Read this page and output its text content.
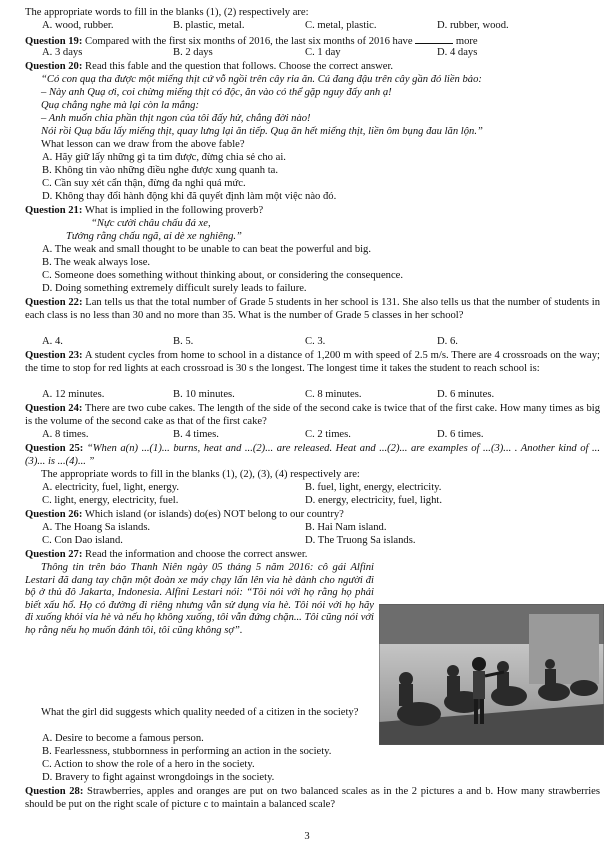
The appropriate words to fill in the blanks (1), (2) respectively are:
A. wood, rubber.	B. plastic, metal.	C. metal, plastic.	D. rubber, wood.
Question 19: Compared with the first six months of 2016, the last six months of 2016 have	more
A. 3 days	B. 2 days	C. 1 day	D. 4 days
Question 20: Read this fable and the question that follows. Choose the correct answer.
“Có con quạ tha được một miếng thịt cứ vỗ ngồi trên cây rỉa ăn. Cú đang đậu trên cây gần đó liền bảo:
– Này anh Quạ ơi, coi chừng miếng thịt có độc, ăn vào có thể gặp nguy đấy anh ạ!
Quạ chẳng nghe mà lại còn la mắng:
– Anh muốn chia phần thịt ngon của tôi đấy hử, chẳng đời nào!
Nói rồi Quạ bấu lấy miếng thịt, quay lưng lại ăn tiếp. Quạ ăn hết miếng thịt, liền ôm bụng đau lăn lộn.”
What lesson can we draw from the above fable?
A. Hãy giữ lấy những gì ta tìm được, đừng chia sẻ cho ai.
B. Không tin vào những điều nghe được xung quanh ta.
C. Cần suy xét cẩn thận, đừng đa nghi quá mức.
D. Không thay đổi hành động khi đã quyết định làm một việc nào đó.
Question 21: What is implied in the following proverb?
“Nực cười châu chấu đá xe,
Tưởng rằng chấu ngã, ai dè xe nghiêng.”
A. The weak and small thought to be unable to can beat the powerful and big.
B. The weak always lose.
C. Someone does something without thinking about, or considering the consequence.
D. Doing something extremely difficult surely leads to failure.
Question 22: Lan tells us that the total number of Grade 5 students in her school is 131. She also tells us that the number of students in each class is no less than 30 and no more than 35. What is the number of Grade 5 classes in her school?
A. 4.	B. 5.	C. 3.	D. 6.
Question 23: A student cycles from home to school in a distance of 1,200 m with speed of 2.5 m/s. There are 4 crossroads on the way; the time to stop for red lights at each crossroad is 30 s the longest. The longest time it takes the student to reach school is:
A. 12 minutes.	B. 10 minutes.	C. 8 minutes.	D. 6 minutes.
Question 24: There are two cube cakes. The length of the side of the second cake is twice that of the first cake. How many times as big is the volume of the second cake as that of the first cake?
A. 8 times.	B. 4 times.	C. 2 times.	D. 6 times.
Question 25: “When a(n) ...(1)... burns, heat and ...(2)... are released. Heat and ...(2)... are examples of ...(3)... . Another kind of ...(3)... is ...(4)... ”
The appropriate words to fill in the blanks (1), (2), (3), (4) respectively are:
A. electricity, fuel, light, energy.	B. fuel, light, energy, electricity.
C. light, energy, electricity, fuel.	D. energy, electricity, fuel, light.
Question 26: Which island (or islands) do(es) NOT belong to our country?
A. The Hoang Sa islands.	B. Hai Nam island.
C. Con Dao island.	D. The Truong Sa islands.
Question 27: Read the information and choose the correct answer.
Thông tin trên báo Thanh Niên ngày 05 tháng 5 năm 2016: cô gái Alfini Lestari đã dang tay chặn một đoàn xe máy chạy lấn lên via hè dành cho người đi bộ ở thủ đô Jakarta, Indonesia. Alfini Lestari nói: “Tôi nói với họ rằng họ phải biết xấu hổ. Họ có đường đi riêng nhưng vẫn sử dụng vỉa hè. Tôi nói với họ hãy đi xuống khỏi vỉa hè và nếu họ không xuống, tôi vẫn đứng chặn... Tôi cũng nói với họ rằng nếu họ muốn đánh tôi, tôi cũng không sợ”.
What the girl did suggests which quality needed of a citizen in the society?
A. Desire to become a famous person.
B. Fearlessness, stubbornness in performing an action in the society.
C. Action to show the role of a hero in the society.
D. Bravery to fight against wrongdoings in the society.
Question 28: Strawberries, apples and oranges are put on two balanced scales as in the 2 pictures a and b. How many strawberries should be put on the right scale of picture c to maintain a balanced scale?
3
